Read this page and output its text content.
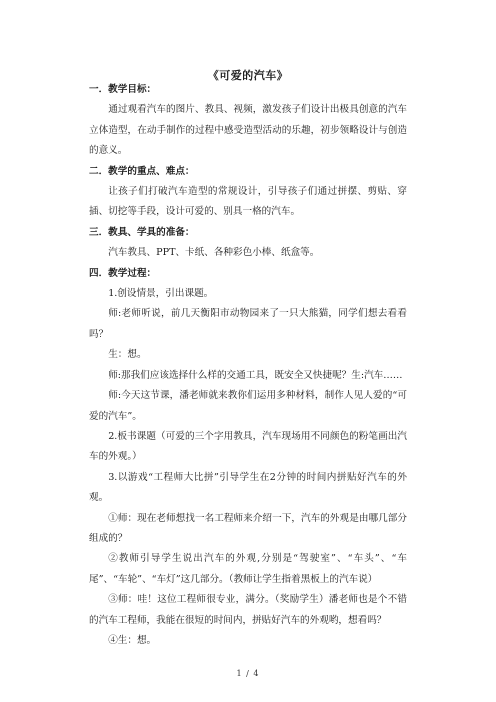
《可爱的汽车》
一．教学目标：

通过观看汽车的图片、教具、视频，激发孩子们设计出极具创意的汽车立体造型，在动手制作的过程中感受造型活动的乐趣，初步领略设计与创造的意义。

二．教学的重点、难点：

让孩子们打破汽车造型的常规设计，引导孩子们通过拼摆、剪贴、穿插、切挖等手段，设计可爱的、别具一格的汽车。

三．教具、学具的准备：

汽车教具、PPT、卡纸、各种彩色小棒、纸盒等。

四．教学过程：

1.创设情景，引出课题。

师:老师听说，前几天衡阳市动物园来了一只大熊猫，同学们想去看看吗？

生：想。

师:那我们应该选择什么样的交通工具，既安全又快捷呢？生:汽车……

师:今天这节课，潘老师就来教你们运用多种材料，制作人见人爱的“可爱的汽车”。

2.板书课题（可爱的三个字用教具，汽车现场用不同颜色的粉笔画出汽车的外观。）

3.以游戏“工程师大比拼”引导学生在2分钟的时间内拼贴好汽车的外观。

①师：现在老师想找一名工程师来介绍一下，汽车的外观是由哪几部分组成的？

②教师引导学生说出汽车的外观,分别是“驾驶室”、“车头”、“车尾”、“车轮”、“车灯”这几部分。（教师让学生指着黑板上的汽车说）

③师：哇！这位工程师很专业，满分。（奖励学生）潘老师也是个不错的汽车工程师，我能在很短的时间内，拼贴好汽车的外观哟，想看吗？

④生：想。

1 / 4
